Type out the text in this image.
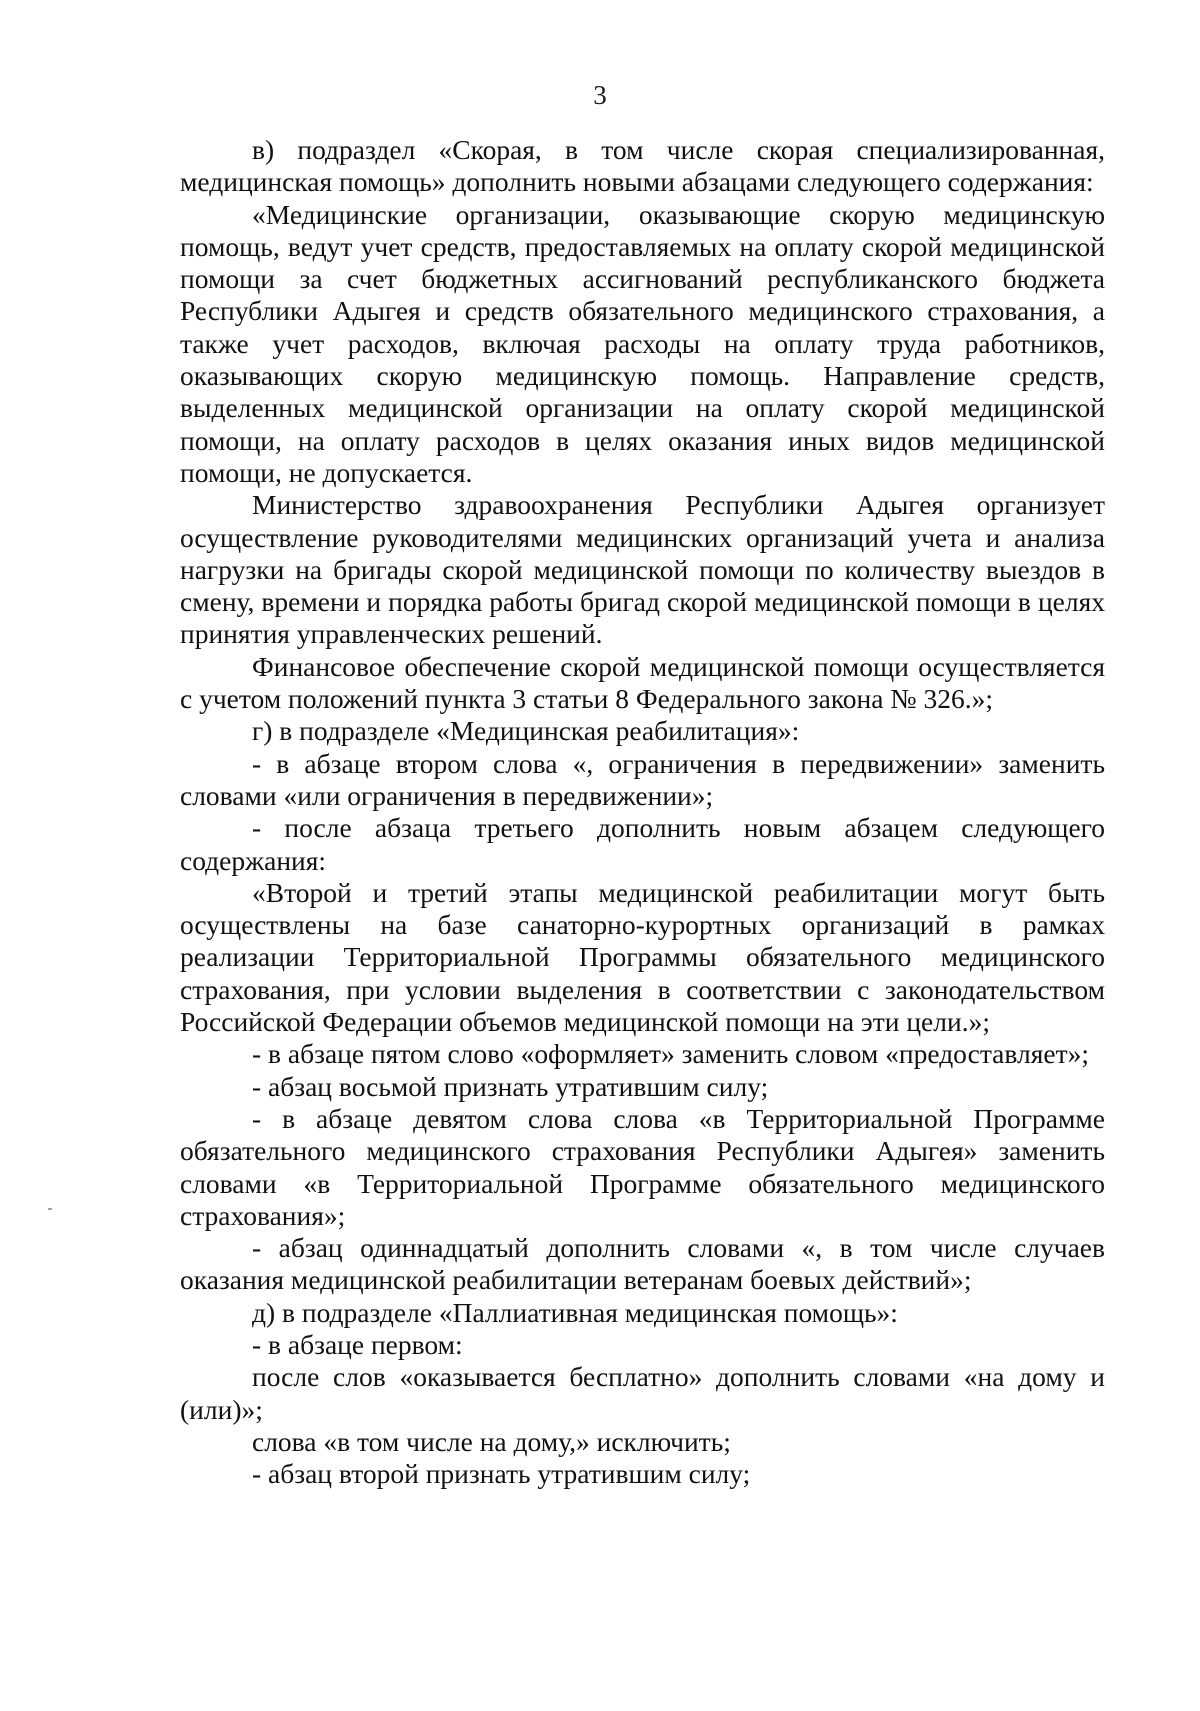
3

в) подраздел «Скорая, в том числе скорая специализированная, медицинская помощь» дополнить новыми абзацами следующего содержания:

«Медицинские организации, оказывающие скорую медицинскую помощь, ведут учет средств, предоставляемых на оплату скорой медицинской помощи за счет бюджетных ассигнований республиканского бюджета Республики Адыгея и средств обязательного медицинского страхования, а также учет расходов, включая расходы на оплату труда работников, оказывающих скорую медицинскую помощь. Направление средств, выделенных медицинской организации на оплату скорой медицинской помощи, на оплату расходов в целях оказания иных видов медицинской помощи, не допускается.

Министерство здравоохранения Республики Адыгея организует осуществление руководителями медицинских организаций учета и анализа нагрузки на бригады скорой медицинской помощи по количеству выездов в смену, времени и порядка работы бригад скорой медицинской помощи в целях принятия управленческих решений.

Финансовое обеспечение скорой медицинской помощи осуществляется с учетом положений пункта 3 статьи 8 Федерального закона № 326.»;

г) в подразделе «Медицинская реабилитация»:

- в абзаце втором слова «, ограничения в передвижении» заменить словами «или ограничения в передвижении»;

- после абзаца третьего дополнить новым абзацем следующего содержания:

«Второй и третий этапы медицинской реабилитации могут быть осуществлены на базе санаторно-курортных организаций в рамках реализации Территориальной Программы обязательного медицинского страхования, при условии выделения в соответствии с законодательством Российской Федерации объемов медицинской помощи на эти цели.»;

- в абзаце пятом слово «оформляет» заменить словом «предоставляет»;

- абзац восьмой признать утратившим силу;

- в абзаце девятом слова слова «в Территориальной Программе обязательного медицинского страхования Республики Адыгея» заменить словами «в Территориальной Программе обязательного медицинского страхования»;

- абзац одиннадцатый дополнить словами «, в том числе случаев оказания медицинской реабилитации ветеранам боевых действий»;

д) в подразделе «Паллиативная медицинская помощь»:

- в абзаце первом:

после слов «оказывается бесплатно» дополнить словами «на дому и (или)»;

слова «в том числе на дому,» исключить;

- абзац второй признать утратившим силу;
